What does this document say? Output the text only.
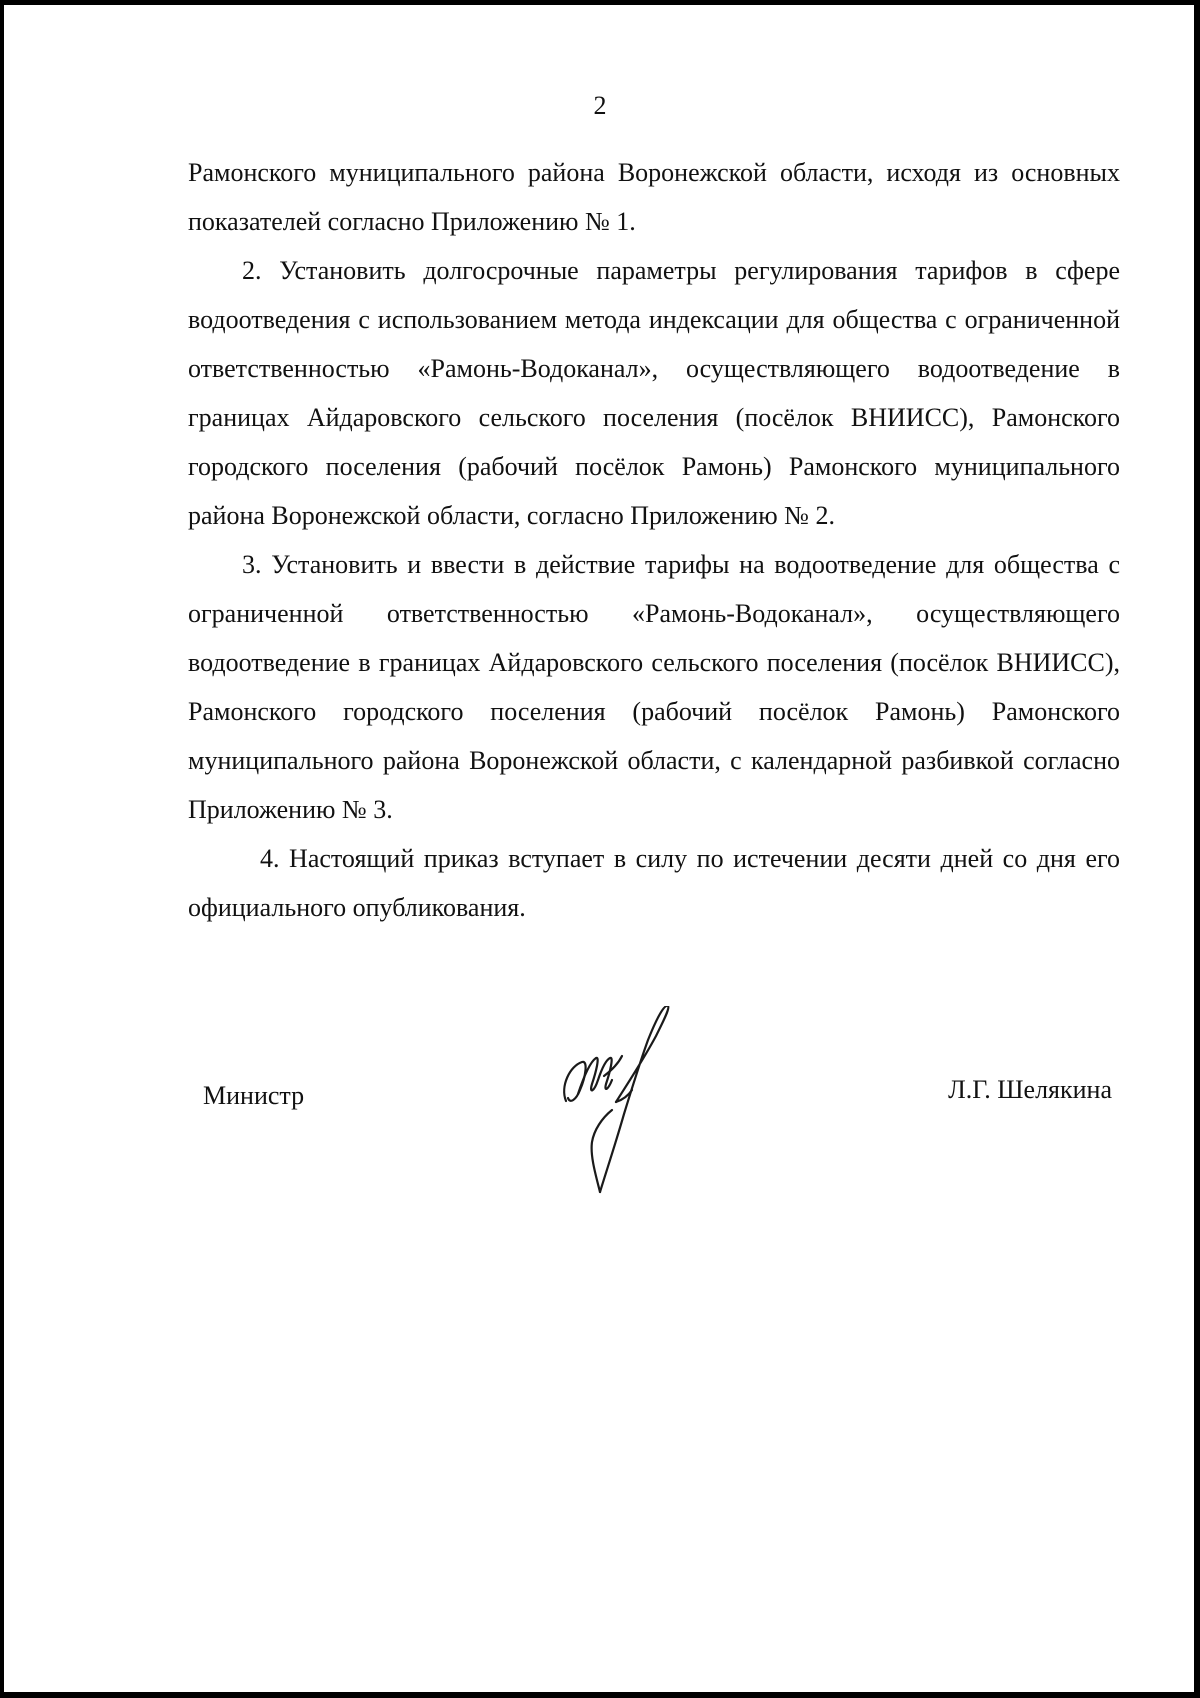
2

Рамонского муниципального района Воронежской области, исходя из основных показателей согласно Приложению № 1.

2. Установить долгосрочные параметры регулирования тарифов в сфере водоотведения с использованием метода индексации для общества с ограниченной ответственностью «Рамонь-Водоканал», осуществляющего водоотведение в границах Айдаровского сельского поселения (посёлок ВНИИСС), Рамонского городского поселения (рабочий посёлок Рамонь) Рамонского муниципального района Воронежской области, согласно Приложению № 2.

3. Установить и ввести в действие тарифы на водоотведение для общества с ограниченной ответственностью «Рамонь-Водоканал», осуществляющего водоотведение в границах Айдаровского сельского поселения (посёлок ВНИИСС), Рамонского городского поселения (рабочий посёлок Рамонь) Рамонского муниципального района Воронежской области, с календарной разбивкой согласно Приложению № 3.

4. Настоящий приказ вступает в силу по истечении десяти дней со дня его официального опубликования.

Министр	Л.Г. Шелякина
